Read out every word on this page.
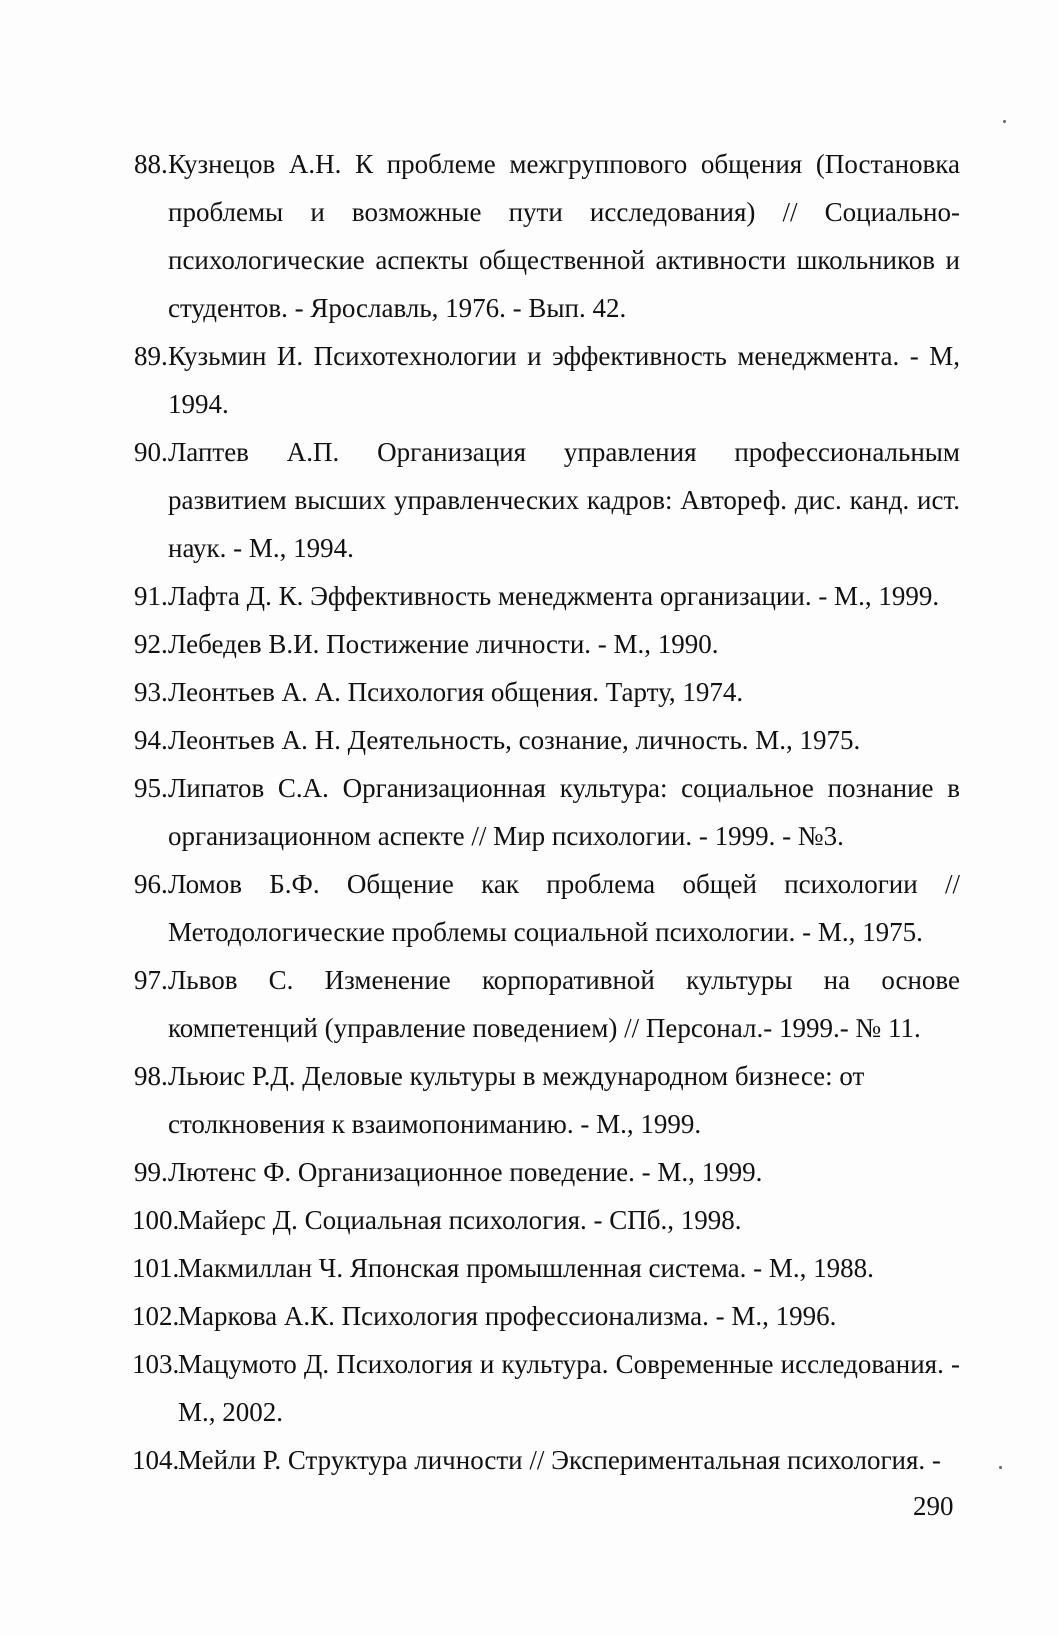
88. Кузнецов А.Н. К проблеме межгруппового общения (Постановка проблемы и возможные пути исследования) // Социально-психологические аспекты общественной активности школьников и студентов. - Ярославль, 1976. - Вып. 42.
89. Кузьмин И. Психотехнологии и эффективность менеджмента. - М, 1994.
90. Лаптев А.П. Организация управления профессиональным развитием высших управленческих кадров: Автореф. дис. канд. ист. наук. - М., 1994.
91. Лафта Д. К. Эффективность менеджмента организации. - М., 1999.
92. Лебедев В.И. Постижение личности. - М., 1990.
93. Леонтьев А. А. Психология общения. Тарту, 1974.
94. Леонтьев А. Н. Деятельность, сознание, личность. М., 1975.
95. Липатов С.А. Организационная культура: социальное познание в организационном аспекте // Мир психологии. - 1999. - №3.
96. Ломов Б.Ф. Общение как проблема общей психологии // Методологические проблемы социальной психологии. - М., 1975.
97. Львов С. Изменение корпоративной культуры на основе компетенций (управление поведением) // Персонал.- 1999.- № 11.
98. Льюис Р.Д. Деловые культуры в международном бизнесе: от столкновения к взаимопониманию. - М., 1999.
99. Лютенс Ф. Организационное поведение. - М., 1999.
100.
Майерс Д. Социальная психология. - СПб., 1998.
101.
Макмиллан Ч. Японская промышленная система. - М., 1988.
102.
Маркова А.К. Психология профессионализма. - М., 1996.
103.
Мацумото Д. Психология и культура. Современные исследования. - М., 2002.
104.
Мейли Р. Структура личности // Экспериментальная психология. -
290
